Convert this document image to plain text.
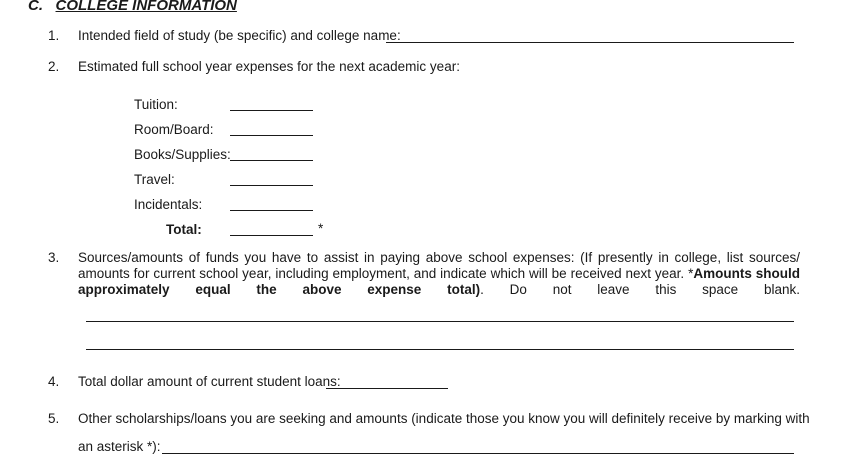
C. COLLEGE INFORMATION
1. Intended field of study (be specific) and college name:
2. Estimated full school year expenses for the next academic year:
Tuition:
Room/Board:
Books/Supplies:
Travel:
Incidentals:
Total:	*
3. Sources/amounts of funds you have to assist in paying above school expenses: (If presently in college, list sources/ amounts for current school year, including employment, and indicate which will be received next year. *Amounts should approximately equal the above expense total). Do not leave this space blank.
4. Total dollar amount of current student loans:
5. Other scholarships/loans you are seeking and amounts (indicate those you know you will definitely receive by marking with
an asterisk *):
